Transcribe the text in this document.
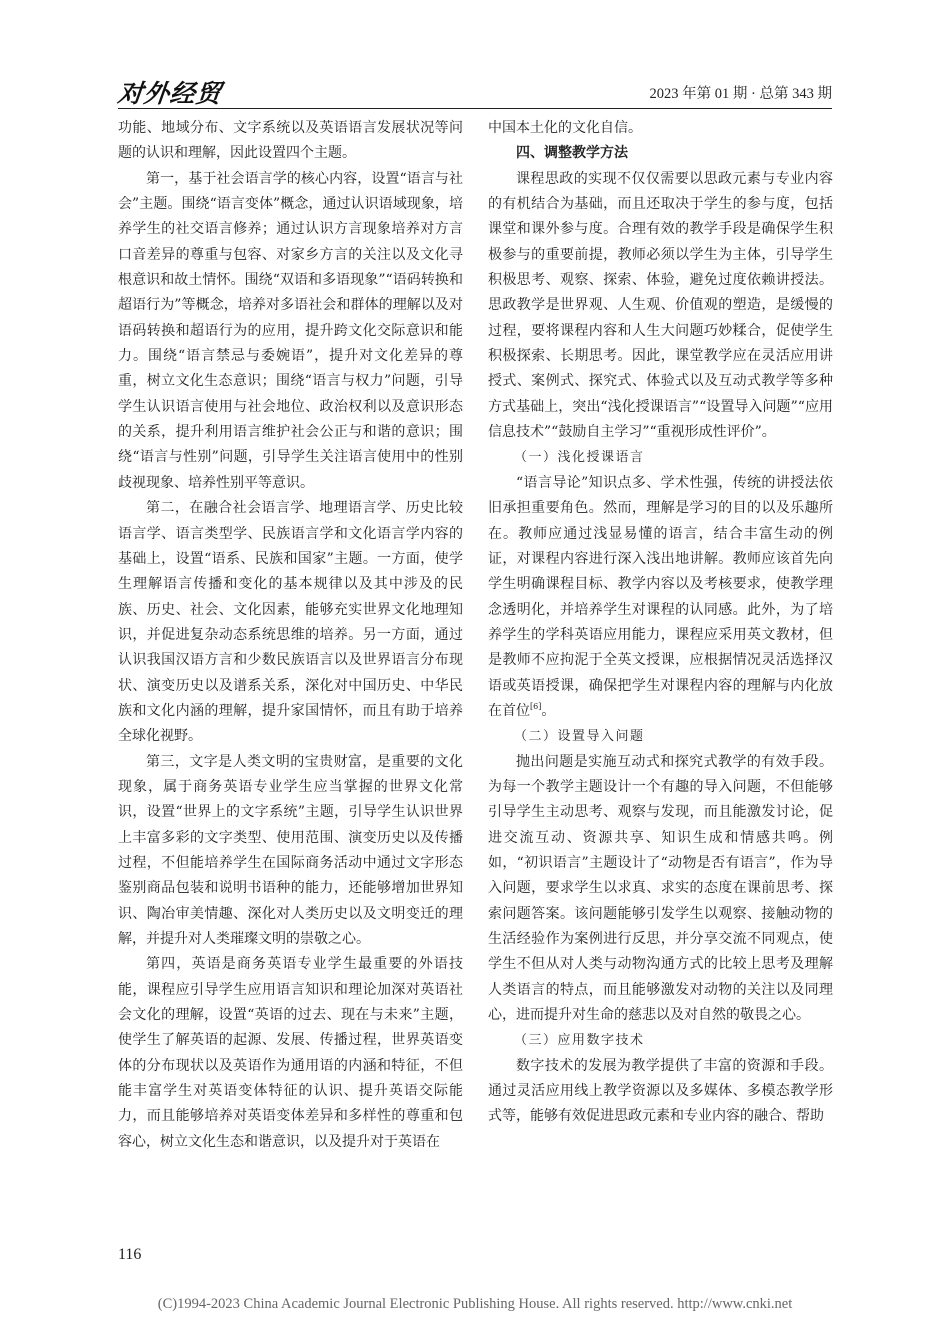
对外经贸	2023 年第 01 期 · 总第 343 期

功能、地域分布、文字系统以及英语语言发展状况等问题的认识和理解，因此设置四个主题。

第一，基于社会语言学的核心内容，设置“语言与社会”主题。围绕“语言变体”概念，通过认识语域现象，培养学生的社交语言修养；通过认识方言现象培养对方言口音差异的尊重与包容、对家乡方言的关注以及文化寻根意识和故土情怀。围绕“双语和多语现象”“语码转换和超语行为”等概念，培养对多语社会和群体的理解以及对语码转换和超语行为的应用，提升跨文化交际意识和能力。围绕“语言禁忌与委婉语”，提升对文化差异的尊重，树立文化生态意识；围绕“语言与权力”问题，引导学生认识语言使用与社会地位、政治权利以及意识形态的关系，提升利用语言维护社会公正与和谐的意识；围绕“语言与性别”问题，引导学生关注语言使用中的性别歧视现象、培养性别平等意识。

第二，在融合社会语言学、地理语言学、历史比较语言学、语言类型学、民族语言学和文化语言学内容的基础上，设置“语系、民族和国家”主题。一方面，使学生理解语言传播和变化的基本规律以及其中涉及的民族、历史、社会、文化因素，能够充实世界文化地理知识，并促进复杂动态系统思维的培养。另一方面，通过认识我国汉语方言和少数民族语言以及世界语言分布现状、演变历史以及谱系关系，深化对中国历史、中华民族和文化内涵的理解，提升家国情怀，而且有助于培养全球化视野。

第三，文字是人类文明的宝贵财富，是重要的文化现象，属于商务英语专业学生应当掌握的世界文化常识，设置“世界上的文字系统”主题，引导学生认识世界上丰富多彩的文字类型、使用范围、演变历史以及传播过程，不但能培养学生在国际商务活动中通过文字形态鉴别商品包装和说明书语种的能力，还能够增加世界知识、陶冶审美情趣、深化对人类历史以及文明变迁的理解，并提升对人类璀璨文明的崇敬之心。

第四，英语是商务英语专业学生最重要的外语技能，课程应引导学生应用语言知识和理论加深对英语社会文化的理解，设置“英语的过去、现在与未来”主题，使学生了解英语的起源、发展、传播过程，世界英语变体的分布现状以及英语作为通用语的内涵和特征，不但能丰富学生对英语变体特征的认识、提升英语交际能力，而且能够培养对英语变体差异和多样性的尊重和包容心，树立文化生态和谐意识，以及提升对于英语在

中国本土化的文化自信。

四、调整教学方法

课程思政的实现不仅仅需要以思政元素与专业内容的有机结合为基础，而且还取决于学生的参与度，包括课堂和课外参与度。合理有效的教学手段是确保学生积极参与的重要前提，教师必须以学生为主体，引导学生积极思考、观察、探索、体验，避免过度依赖讲授法。思政教学是世界观、人生观、价值观的塑造，是缓慢的过程，要将课程内容和人生大问题巧妙糅合，促使学生积极探索、长期思考。因此，课堂教学应在灵活应用讲授式、案例式、探究式、体验式以及互动式教学等多种方式基础上，突出“浅化授课语言”“设置导入问题”“应用信息技术”“鼓励自主学习”“重视形成性评价”。

（一）浅化授课语言

“语言导论”知识点多、学术性强，传统的讲授法依旧承担重要角色。然而，理解是学习的目的以及乐趣所在。教师应通过浅显易懂的语言，结合丰富生动的例证，对课程内容进行深入浅出地讲解。教师应该首先向学生明确课程目标、教学内容以及考核要求，使教学理念透明化，并培养学生对课程的认同感。此外，为了培养学生的学科英语应用能力，课程应采用英文教材，但是教师不应拘泥于全英文授课，应根据情况灵活选择汉语或英语授课，确保把学生对课程内容的理解与内化放在首位[6]。

（二）设置导入问题

抛出问题是实施互动式和探究式教学的有效手段。为每一个教学主题设计一个有趣的导入问题，不但能够引导学生主动思考、观察与发现，而且能激发讨论，促进交流互动、资源共享、知识生成和情感共鸣。例如，“初识语言”主题设计了“动物是否有语言”，作为导入问题，要求学生以求真、求实的态度在课前思考、探索问题答案。该问题能够引发学生以观察、接触动物的生活经验作为案例进行反思，并分享交流不同观点，使学生不但从对人类与动物沟通方式的比较上思考及理解人类语言的特点，而且能够激发对动物的关注以及同理心，进而提升对生命的慈悲以及对自然的敬畏之心。

（三）应用数字技术

数字技术的发展为教学提供了丰富的资源和手段。通过灵活应用线上教学资源以及多媒体、多模态教学形式等，能够有效促进思政元素和专业内容的融合、帮助

116
(C)1994-2023 China Academic Journal Electronic Publishing House. All rights reserved. http://www.cnki.net
